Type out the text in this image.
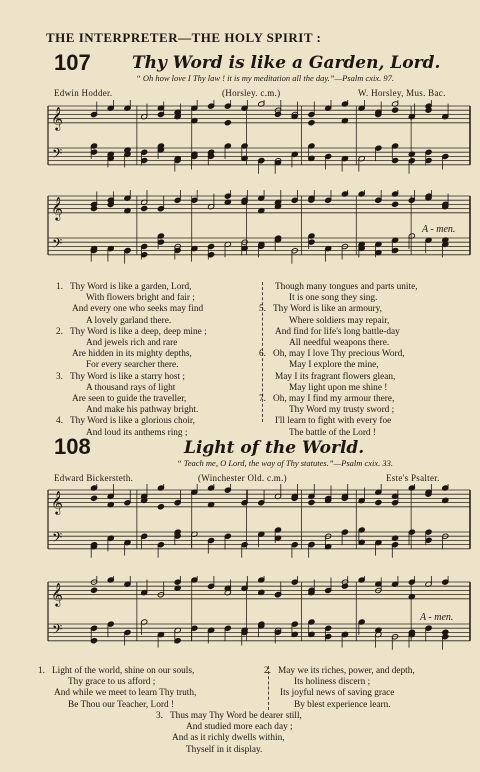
THE INTERPRETER—THE HOLY SPIRIT :
107 Thy Word is like a Garden, Lord.
“ Oh how love I Thy law ! it is my meditation all the day.”—Psalm cxix. 97.
Edwin Hodder.	(Horsley. c.m.)	W. Horsley, Mus. Bac.
𝄞
𝄢
𝄞
𝄢
A - men.
1. Thy Word is like a garden, Lord,
With flowers bright and fair ;
And every one who seeks may find
A lovely garland there.
2. Thy Word is like a deep, deep mine ;
And jewels rich and rare
Are hidden in its mighty depths,
For every searcher there.
3. Thy Word is like a starry host ;
A thousand rays of light
Are seen to guide the traveller,
And make his pathway bright.
4. Thy Word is like a glorious choir,
And loud its anthems ring ;
Though many tongues and parts unite,
It is one song they sing.
5. Thy Word is like an armoury,
Where soldiers may repair,
And find for life's long battle-day
All needful weapons there.
6. Oh, may I love Thy precious Word,
May I explore the mine,
May I its fragrant flowers glean,
May light upon me shine !
7. Oh, may I find my armour there,
Thy Word my trusty sword ;
I'll learn to fight with every foe
The battle of the Lord !
108	Light of the World.
“ Teach me, O Lord, the way of Thy statutes.”—Psalm cxix. 33.
Edward Bickersteth.	(Winchester Old. c.m.)	Este's Psalter.
𝄞
𝄢
𝄞
𝄢
A - men.
1. Light of the world, shine on our souls,
Thy grace to us afford ;
And while we meet to learn Thy truth,
Be Thou our Teacher, Lord !
2. May we its riches, power, and depth,
Its holiness discern ;
Its joyful news of saving grace
By blest experience learn.
3. Thus may Thy Word be dearer still,
And studied more each day ;
And as it richly dwells within,
Thyself in it display.
